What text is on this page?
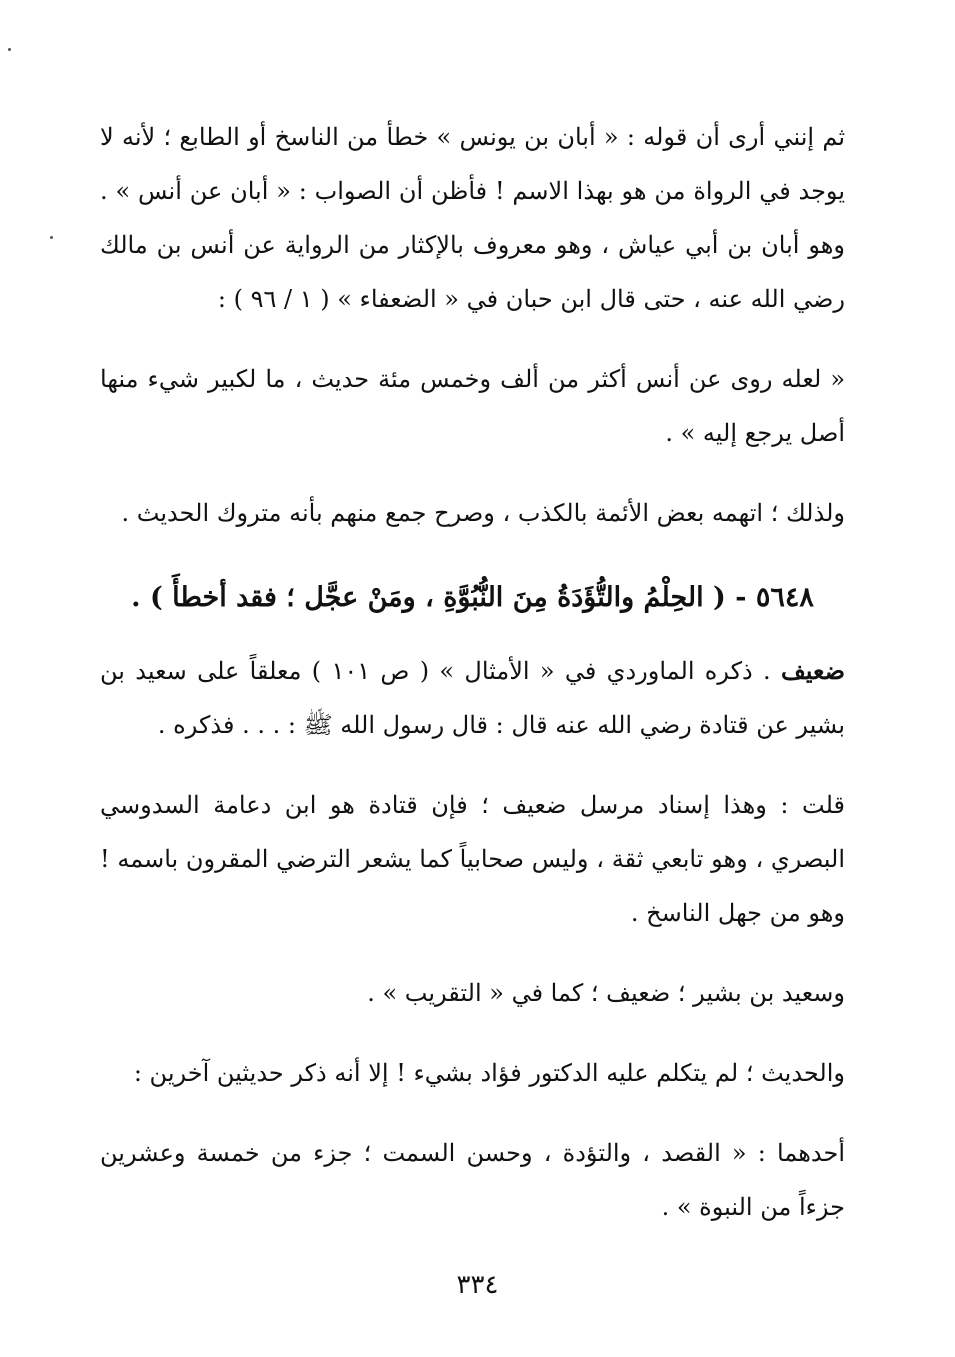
ثم إنني أرى أن قوله : « أبان بن يونس » خطأ من الناسخ أو الطابع ؛ لأنه لا يوجد في الرواة من هو بهذا الاسم ! فأظن أن الصواب : « أبان عن أنس » . وهو أبان بن أبي عياش ، وهو معروف بالإكثار من الرواية عن أنس بن مالك رضي الله عنه ، حتى قال ابن حبان في « الضعفاء » ( ١ / ٩٦ ) :

« لعله روى عن أنس أكثر من ألف وخمس مئة حديث ، ما لكبير شيء منها أصل يرجع إليه » .

ولذلك ؛ اتهمه بعض الأئمة بالكذب ، وصرح جمع منهم بأنه متروك الحديث .

٥٦٤٨ - ( الحِلْمُ والتُّؤَدَةُ مِنَ النُّبُوَّةِ ، ومَنْ عجَّل ؛ فقد أخطأَ ) .

ضعيف . ذكره الماوردي في « الأمثال » ( ص ١٠١ ) معلقاً على سعيد بن بشير عن قتادة رضي الله عنه قال : قال رسول الله ﷺ : . . . فذكره .

قلت : وهذا إسناد مرسل ضعيف ؛ فإن قتادة هو ابن دعامة السدوسي البصري ، وهو تابعي ثقة ، وليس صحابياً كما يشعر الترضي المقرون باسمه ! وهو من جهل الناسخ .

وسعيد بن بشير ؛ ضعيف ؛ كما في « التقريب » .

والحديث ؛ لم يتكلم عليه الدكتور فؤاد بشيء ! إلا أنه ذكر حديثين آخرين :

أحدهما : « القصد ، والتؤدة ، وحسن السمت ؛ جزء من خمسة وعشرين جزءاً من النبوة » .

٣٣٤
